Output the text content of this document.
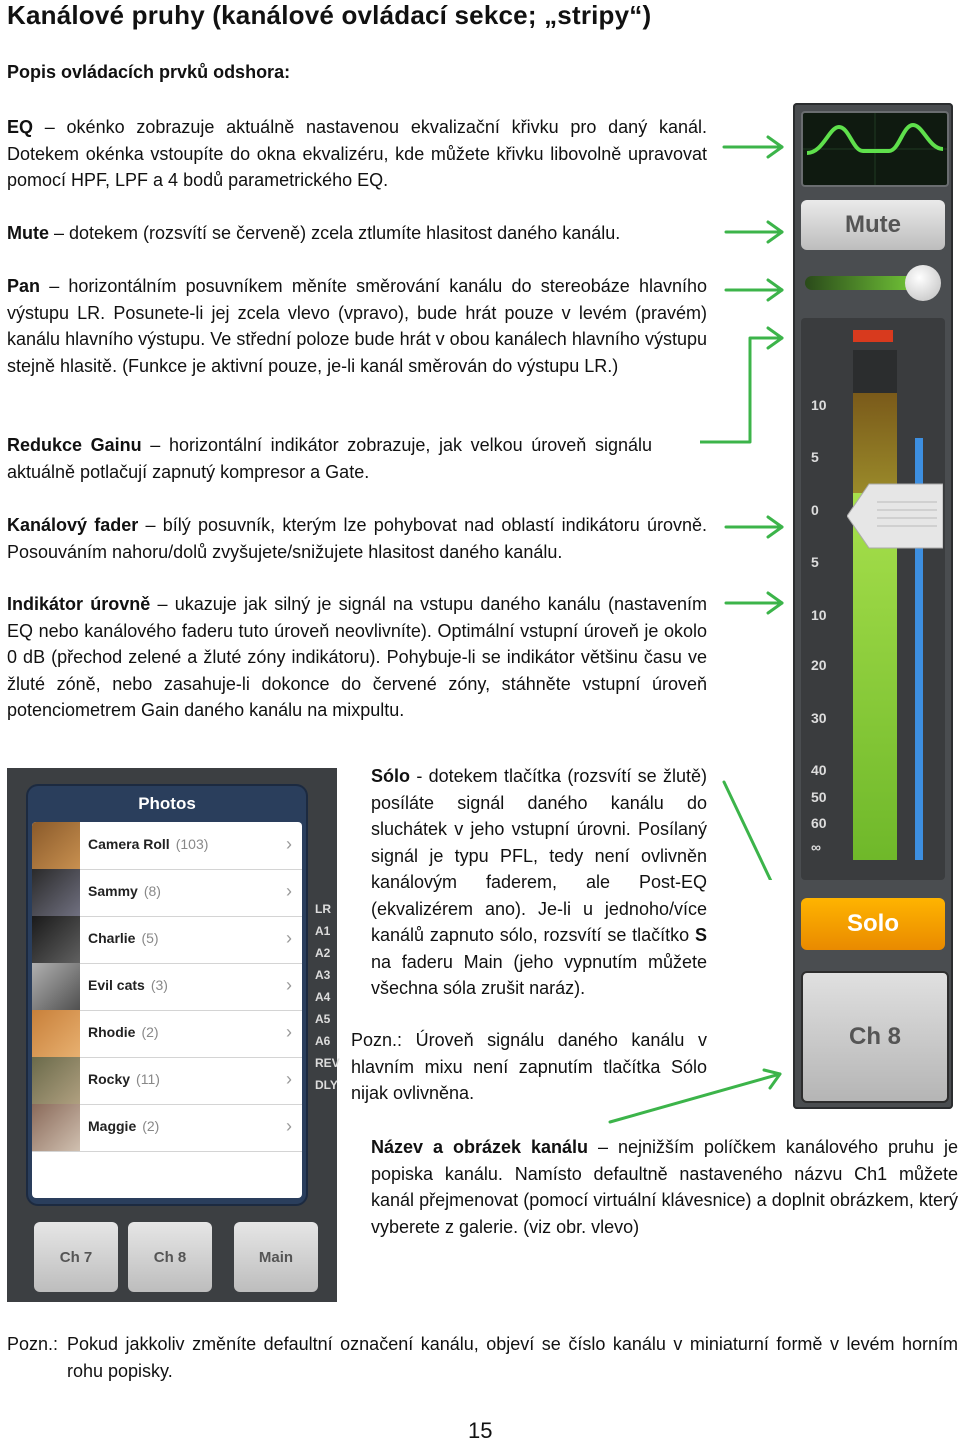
Kanálové pruhy (kanálové ovládací sekce; „stripy“)
Popis ovládacích prvků odshora:
EQ – okénko zobrazuje aktuálně nastavenou ekvalizační křivku pro daný kanál. Dotekem okénka vstoupíte do okna ekvalizéru, kde můžete křivku libovolně upravovat pomocí HPF, LPF a 4 bodů parametrického EQ.
Mute – dotekem (rozsvítí se červeně) zcela ztlumíte hlasitost daného kanálu.
Pan – horizontálním posuvníkem měníte směrování kanálu do stereobáze hlavního výstupu LR. Posunete-li jej zcela vlevo (vpravo), bude hrát pouze v levém (pravém) kanálu hlavního výstupu. Ve střední poloze bude hrát v obou kanálech hlavního výstupu stejně hlasitě. (Funkce je aktivní pouze, je-li kanál směrován do výstupu LR.)
Redukce Gainu – horizontální indikátor zobrazuje, jak velkou úroveň signálu aktuálně potlačují zapnutý kompresor a Gate.
Kanálový fader – bílý posuvník, kterým lze pohybovat nad oblastí indikátoru úrovně. Posouváním nahoru/dolů zvyšujete/snižujete hlasitost daného kanálu.
Indikátor úrovně – ukazuje jak silný je signál na vstupu daného kanálu (nastavením EQ nebo kanálového faderu tuto úroveň neovlivníte). Optimální vstupní úroveň je okolo 0 dB (přechod zelené a žluté zóny indikátoru). Pohybuje-li se indikátor většinu času ve žluté zóně, nebo zasahuje-li dokonce do červené zóny, stáhněte vstupní úroveň potenciometrem Gain daného kanálu na mixpultu.
Sólo - dotekem tlačítka (rozsvítí se žlutě) posíláte signál daného kanálu do sluchátek v jeho vstupní úrovni. Posílaný signál je typu PFL, tedy není ovlivněn kanálovým faderem, ale Post-EQ (ekvalizérem ano). Je-li u jednoho/více kanálů zapnuto sólo, rozsvítí se tlačítko S na faderu Main (jeho vypnutím můžete všechna sóla zrušit naráz).
Pozn.: Úroveň signálu daného kanálu v hlavním mixu není zapnutím tlačítka Sólo nijak ovlivněna.
Název a obrázek kanálu – nejnižším políčkem kanálového pruhu je popiska kanálu. Namísto defaultně nastaveného názvu Ch1 můžete kanál přejmenovat (pomocí virtuální klávesnice) a doplnit obrázkem, který vyberete z galerie. (viz obr. vlevo)
Pozn.: Pokud jakkoliv změníte defaultní označení kanálu, objeví se číslo kanálu v miniaturní formě v levém horním rohu popisky.
15
Mute
10
5
0
5
10
20
30
40
50
60
∞
Solo
Ch 8
LR
A1
A2
A3
A4
A5
A6
REV
DLY
Photos
Camera Roll (103)	›
Sammy (8)	›
Charlie (5)	›
Evil cats (3)	›
Rhodie (2)	›
Rocky (11)	›
Maggie (2)	›
Ch 7	Ch 8	Main
